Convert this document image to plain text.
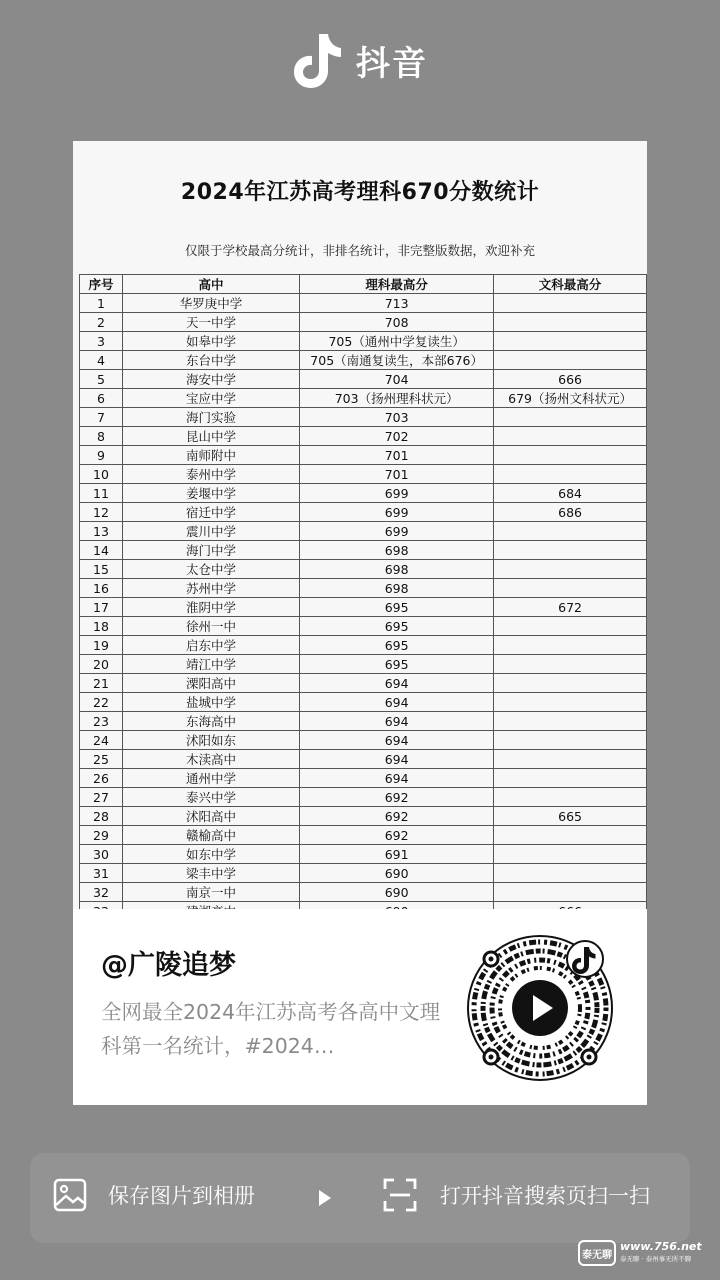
抖音
2024年江苏高考理科670分数统计
仅限于学校最高分统计，非排名统计，非完整版数据，欢迎补充
序号	高中	理科最高分	文科最高分
1	华罗庚中学	713	
2	天一中学	708	
3	如皋中学	705（通州中学复读生）	
4	东台中学	705（南通复读生，本部676）	
5	海安中学	704	666
6	宝应中学	703（扬州理科状元）	679（扬州文科状元）
7	海门实验	703	
8	昆山中学	702	
9	南师附中	701	
10	泰州中学	701	
11	姜堰中学	699	684
12	宿迁中学	699	686
13	震川中学	699	
14	海门中学	698	
15	太仓中学	698	
16	苏州中学	698	
17	淮阴中学	695	672
18	徐州一中	695	
19	启东中学	695	
20	靖江中学	695	
21	溧阳高中	694	
22	盐城中学	694	
23	东海高中	694	
24	沭阳如东	694	
25	木渎高中	694	
26	通州中学	694	
27	泰兴中学	692	
28	沭阳高中	692	665
29	赣榆高中	692	
30	如东中学	691	
31	梁丰中学	690	
32	南京一中	690	

@广陵追梦
全网最全2024年江苏高考各高中文理科第一名统计，#2024…
保存图片到相册	打开抖音搜索页扫一扫
泰无聊
www.756.net
泰无聊 · 泰州事无所不聊
